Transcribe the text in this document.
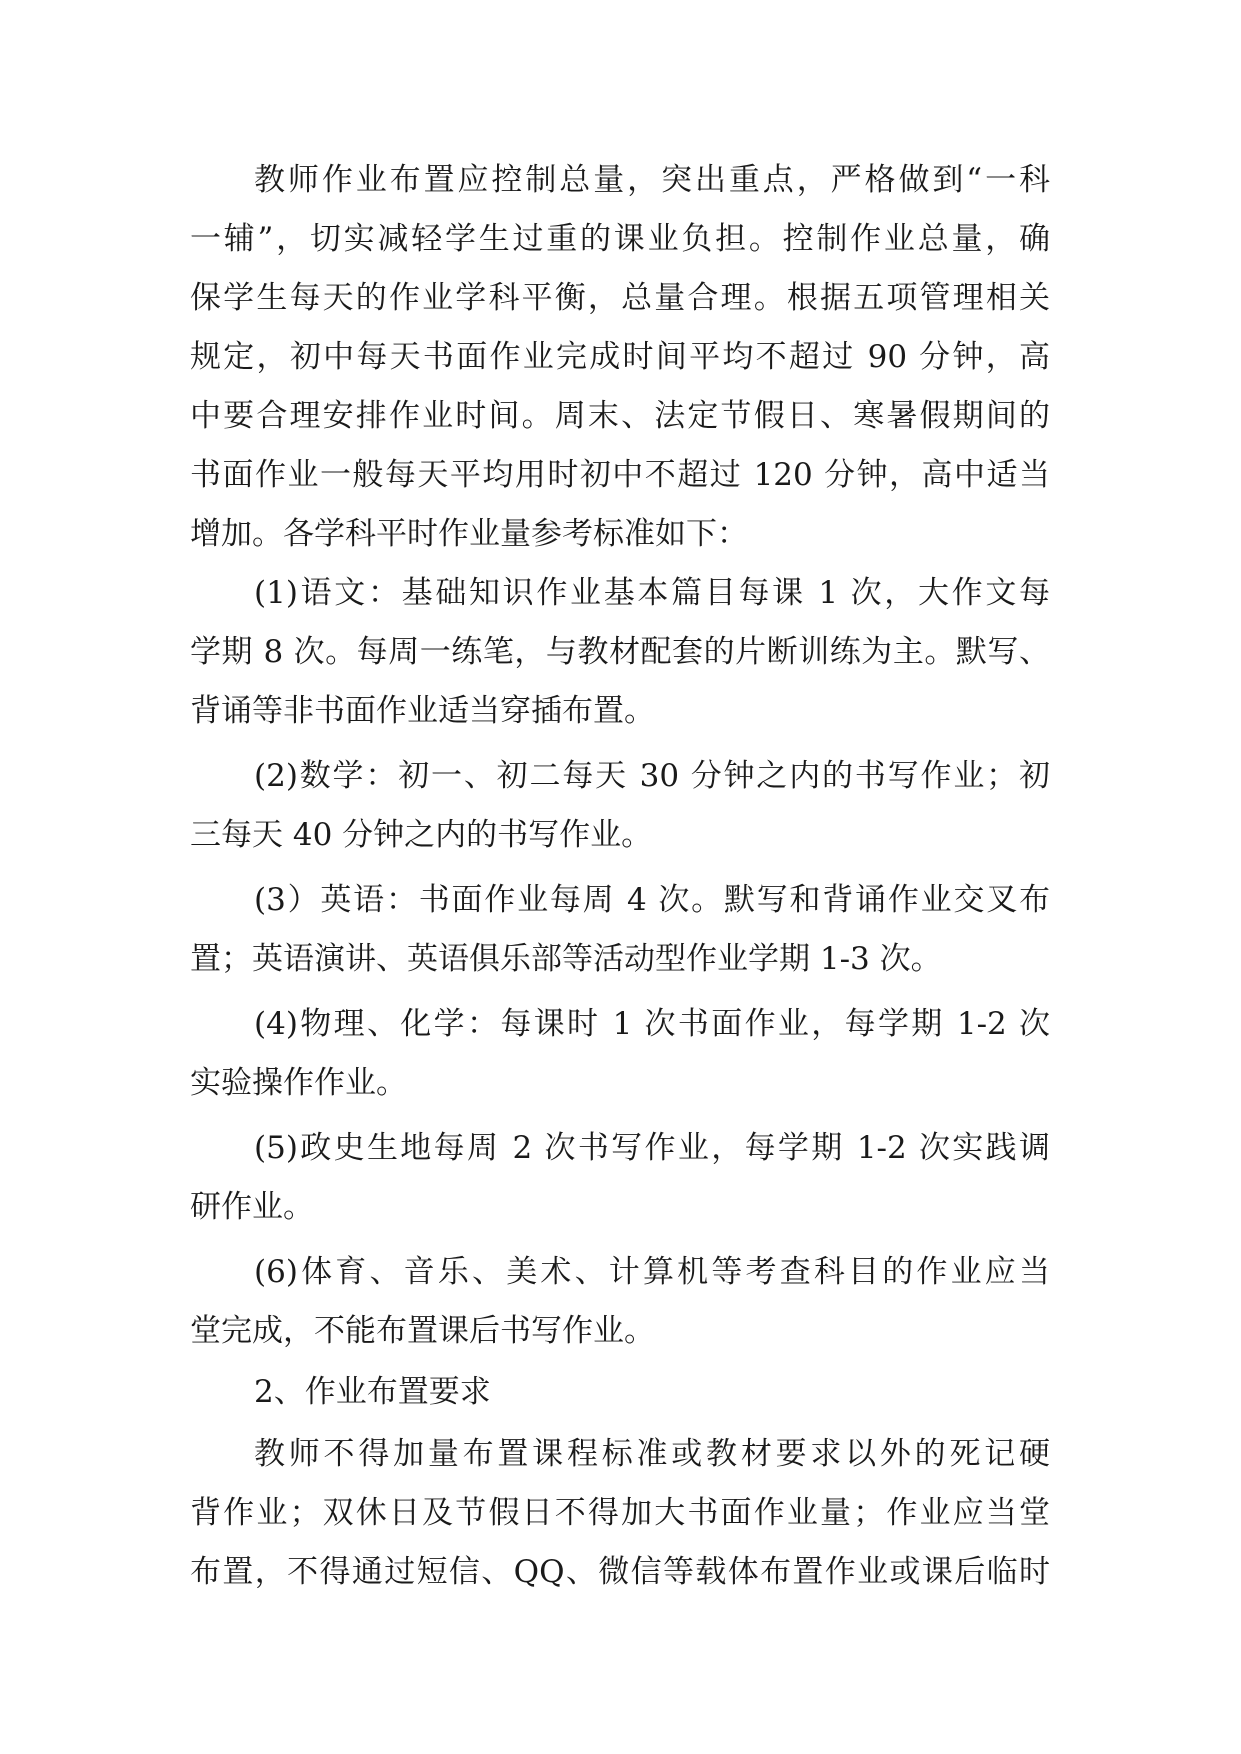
教师作业布置应控制总量，突出重点，严格做到“一科
一辅”，切实减轻学生过重的课业负担。控制作业总量，确
保学生每天的作业学科平衡，总量合理。根据五项管理相关
规定，初中每天书面作业完成时间平均不超过 90 分钟，高
中要合理安排作业时间。周末、法定节假日、寒暑假期间的
书面作业一般每天平均用时初中不超过 120 分钟，高中适当
增加。各学科平时作业量参考标准如下：
(1)语文：基础知识作业基本篇目每课 1 次，大作文每
学期 8 次。每周一练笔，与教材配套的片断训练为主。默写、
背诵等非书面作业适当穿插布置。
(2)数学：初一、初二每天 30 分钟之内的书写作业；初
三每天 40 分钟之内的书写作业。
(3）英语：书面作业每周 4 次。默写和背诵作业交叉布
置；英语演讲、英语俱乐部等活动型作业学期 1-3 次。
(4)物理、化学：每课时 1 次书面作业，每学期 1-2 次
实验操作作业。
(5)政史生地每周 2 次书写作业，每学期 1-2 次实践调
研作业。
(6)体育、音乐、美术、计算机等考查科目的作业应当
堂完成，不能布置课后书写作业。
2、作业布置要求
教师不得加量布置课程标准或教材要求以外的死记硬
背作业；双休日及节假日不得加大书面作业量；作业应当堂
布置，不得通过短信、QQ、微信等载体布置作业或课后临时
